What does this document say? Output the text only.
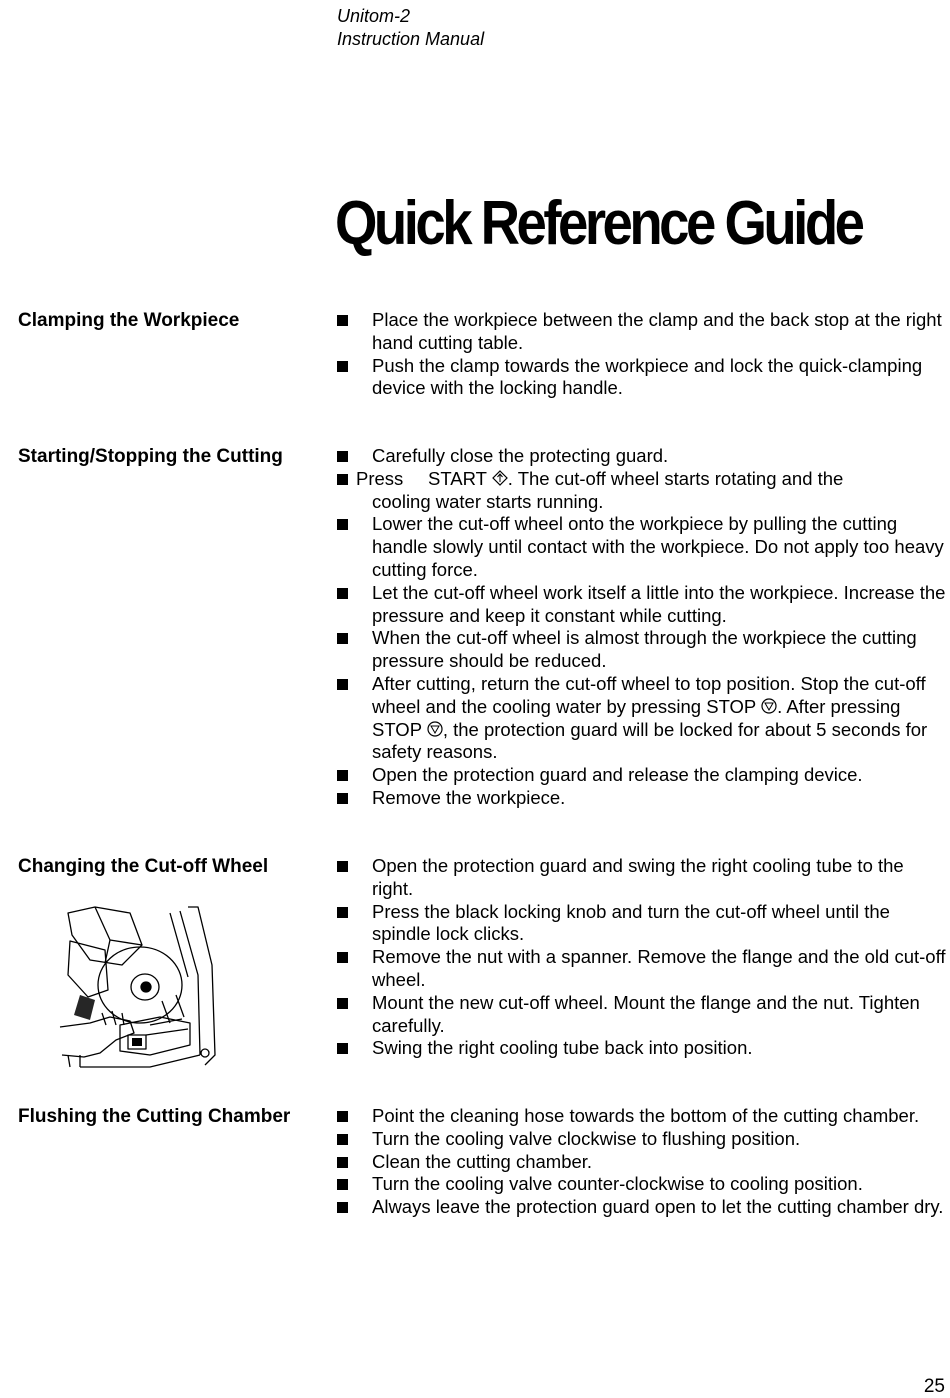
Unitom-2
Instruction Manual
Quick Reference Guide
Clamping the Workpiece	Place the workpiece between the clamp and the back stop at the right hand cutting table.
Push the clamp towards the workpiece and lock the quick-clamping device with the locking handle.
Starting/Stopping the Cutting	Carefully close the protecting guard.
Press START . The cut-off wheel starts rotating and the
cooling water starts running.
Lower the cut-off wheel onto the workpiece by pulling the cutting handle slowly until contact with the workpiece. Do not apply too heavy cutting force.
Let the cut-off wheel work itself a little into the workpiece. Increase the pressure and keep it constant while cutting.
When the cut-off wheel is almost through the workpiece the cutting pressure should be reduced.
After cutting, return the cut-off wheel to top position. Stop the cut-off wheel and the cooling water by pressing STOP . After pressing STOP , the protection guard will be locked for about 5 seconds for safety reasons.
Open the protection guard and release the clamping device.
Remove the workpiece.
Changing the Cut-off Wheel	Open the protection guard and swing the right cooling tube to the right.
Press the black locking knob and turn the cut-off wheel until the spindle lock clicks.
Remove the nut with a spanner. Remove the flange and the old cut-off wheel.
Mount the new cut-off wheel. Mount the flange and the nut. Tighten carefully.
Swing the right cooling tube back into position.
Flushing the Cutting Chamber	Point the cleaning hose towards the bottom of the cutting chamber.
Turn the cooling valve clockwise to flushing position.
Clean the cutting chamber.
Turn the cooling valve counter-clockwise to cooling position.
Always leave the protection guard open to let the cutting chamber dry.
25
